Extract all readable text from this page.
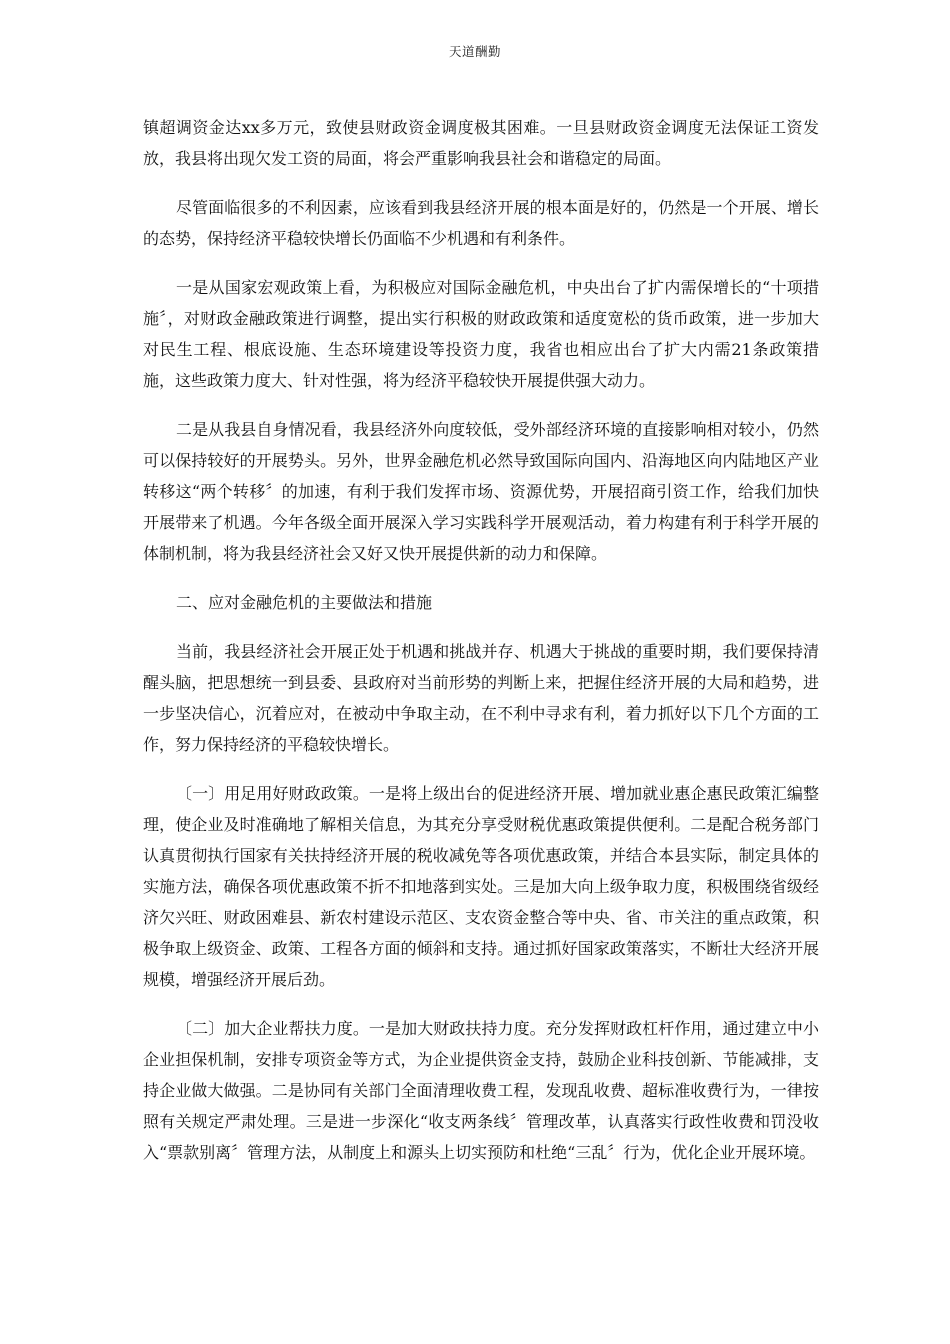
天道酬勤

镇超调资金达xx多万元，致使县财政资金调度极其困难。一旦县财政资金调度无法保证工资发放，我县将出现欠发工资的局面，将会严重影响我县社会和谐稳定的局面。

尽管面临很多的不利因素，应该看到我县经济开展的根本面是好的，仍然是一个开展、增长的态势，保持经济平稳较快增长仍面临不少机遇和有利条件。

一是从国家宏观政策上看，为积极应对国际金融危机，中央出台了扩内需保增长的“十项措施〞，对财政金融政策进行调整，提出实行积极的财政政策和适度宽松的货币政策，进一步加大对民生工程、根底设施、生态环境建设等投资力度，我省也相应出台了扩大内需21条政策措施，这些政策力度大、针对性强，将为经济平稳较快开展提供强大动力。

二是从我县自身情况看，我县经济外向度较低，受外部经济环境的直接影响相对较小，仍然可以保持较好的开展势头。另外，世界金融危机必然导致国际向国内、沿海地区向内陆地区产业转移这“两个转移〞的加速，有利于我们发挥市场、资源优势，开展招商引资工作，给我们加快开展带来了机遇。今年各级全面开展深入学习实践科学开展观活动，着力构建有利于科学开展的体制机制，将为我县经济社会又好又快开展提供新的动力和保障。

二、应对金融危机的主要做法和措施

当前，我县经济社会开展正处于机遇和挑战并存、机遇大于挑战的重要时期，我们要保持清醒头脑，把思想统一到县委、县政府对当前形势的判断上来，把握住经济开展的大局和趋势，进一步坚决信心，沉着应对，在被动中争取主动，在不利中寻求有利，着力抓好以下几个方面的工作，努力保持经济的平稳较快增长。

〔一〕用足用好财政政策。一是将上级出台的促进经济开展、增加就业惠企惠民政策汇编整理，使企业及时准确地了解相关信息，为其充分享受财税优惠政策提供便利。二是配合税务部门认真贯彻执行国家有关扶持经济开展的税收减免等各项优惠政策，并结合本县实际，制定具体的实施方法，确保各项优惠政策不折不扣地落到实处。三是加大向上级争取力度，积极围绕省级经济欠兴旺、财政困难县、新农村建设示范区、支农资金整合等中央、省、市关注的重点政策，积极争取上级资金、政策、工程各方面的倾斜和支持。通过抓好国家政策落实，不断壮大经济开展规模，增强经济开展后劲。

〔二〕加大企业帮扶力度。一是加大财政扶持力度。充分发挥财政杠杆作用，通过建立中小企业担保机制，安排专项资金等方式，为企业提供资金支持，鼓励企业科技创新、节能减排，支持企业做大做强。二是协同有关部门全面清理收费工程，发现乱收费、超标准收费行为，一律按照有关规定严肃处理。三是进一步深化“收支两条线〞管理改革，认真落实行政性收费和罚没收入“票款别离〞管理方法，从制度上和源头上切实预防和杜绝“三乱〞行为，优化企业开展环境。
